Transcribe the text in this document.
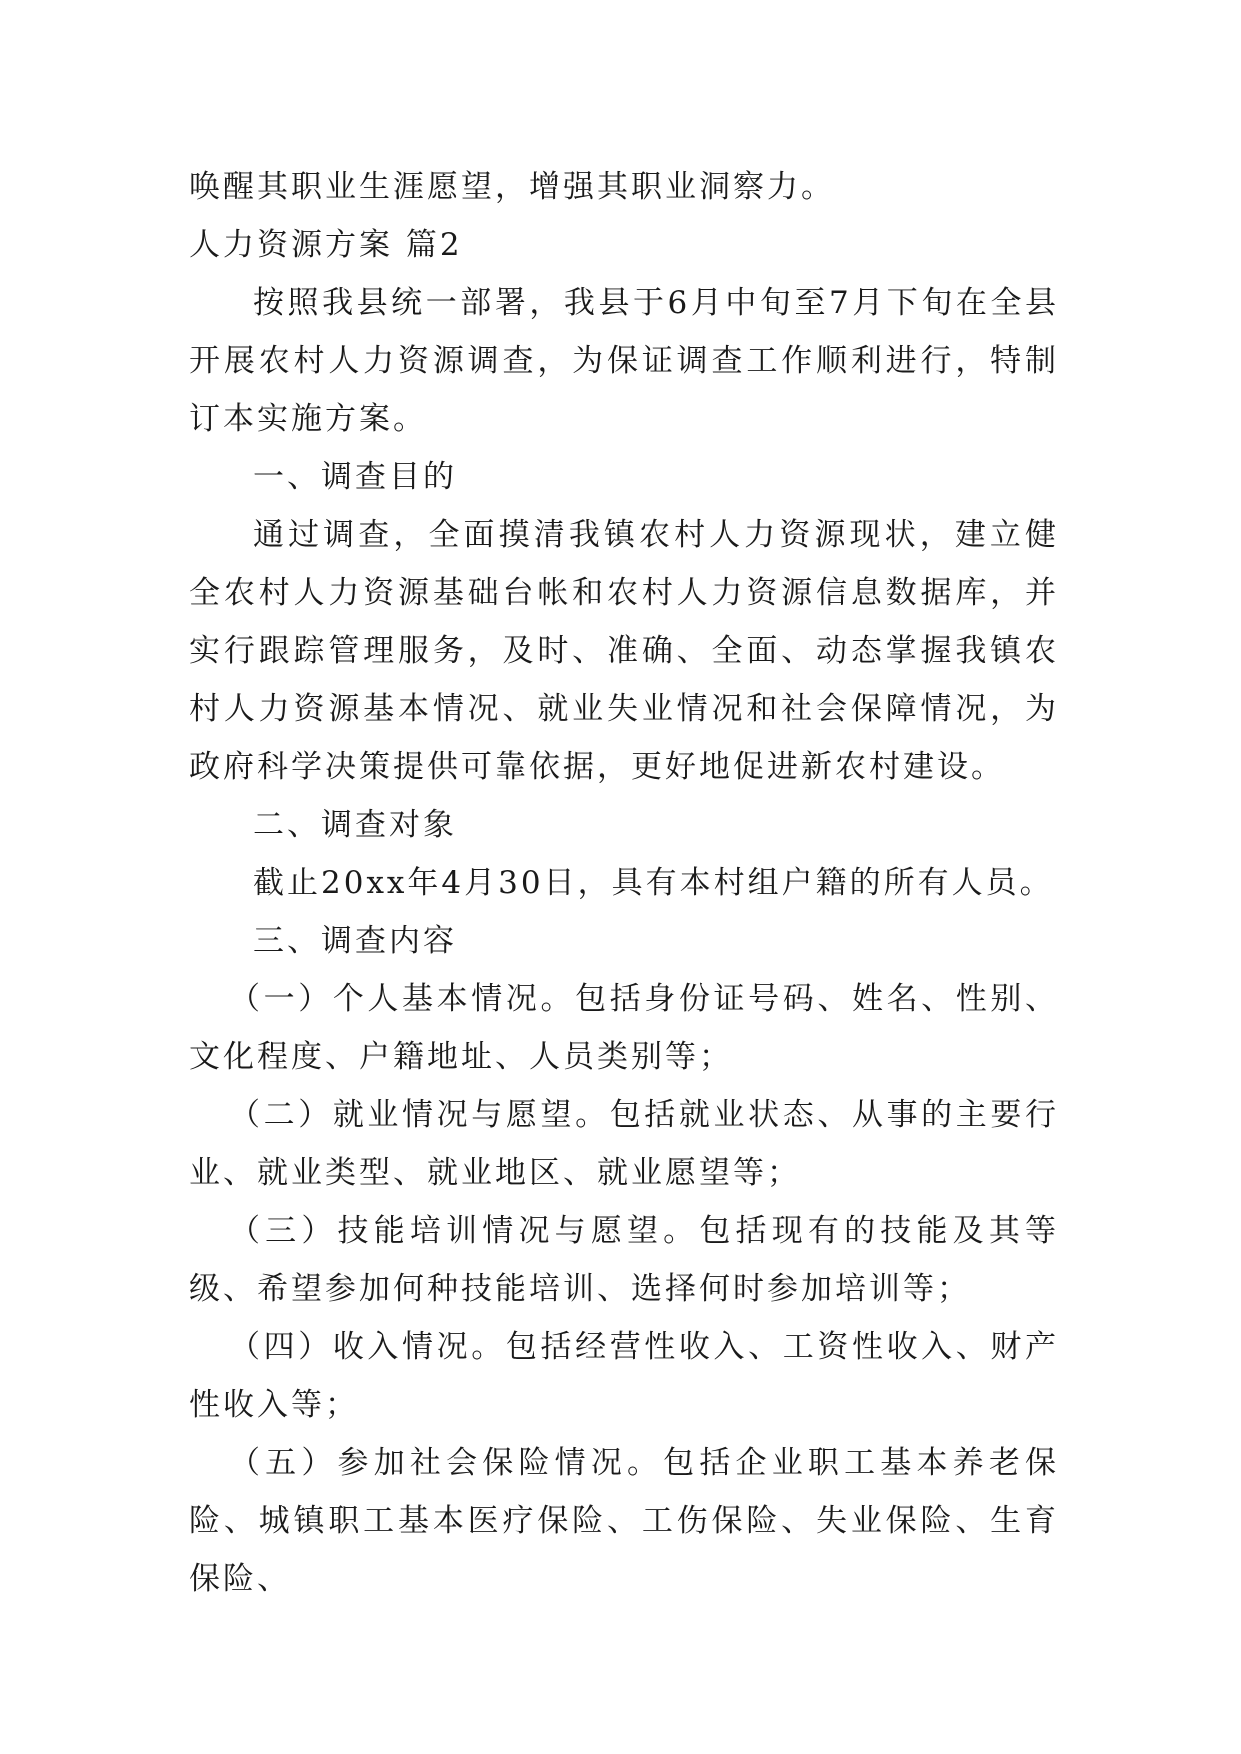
唤醒其职业生涯愿望，增强其职业洞察力。

人力资源方案 篇2

按照我县统一部署，我县于6月中旬至7月下旬在全县开展农村人力资源调查，为保证调查工作顺利进行，特制订本实施方案。

一、调查目的

通过调查，全面摸清我镇农村人力资源现状，建立健全农村人力资源基础台帐和农村人力资源信息数据库，并实行跟踪管理服务，及时、准确、全面、动态掌握我镇农村人力资源基本情况、就业失业情况和社会保障情况，为政府科学决策提供可靠依据，更好地促进新农村建设。

二、调查对象

截止20xx年4月30日，具有本村组户籍的所有人员。

三、调查内容

（一）个人基本情况。包括身份证号码、姓名、性别、文化程度、户籍地址、人员类别等；

（二）就业情况与愿望。包括就业状态、从事的主要行业、就业类型、就业地区、就业愿望等；

（三）技能培训情况与愿望。包括现有的技能及其等级、希望参加何种技能培训、选择何时参加培训等；

（四）收入情况。包括经营性收入、工资性收入、财产性收入等；

（五）参加社会保险情况。包括企业职工基本养老保险、城镇职工基本医疗保险、工伤保险、失业保险、生育保险、
